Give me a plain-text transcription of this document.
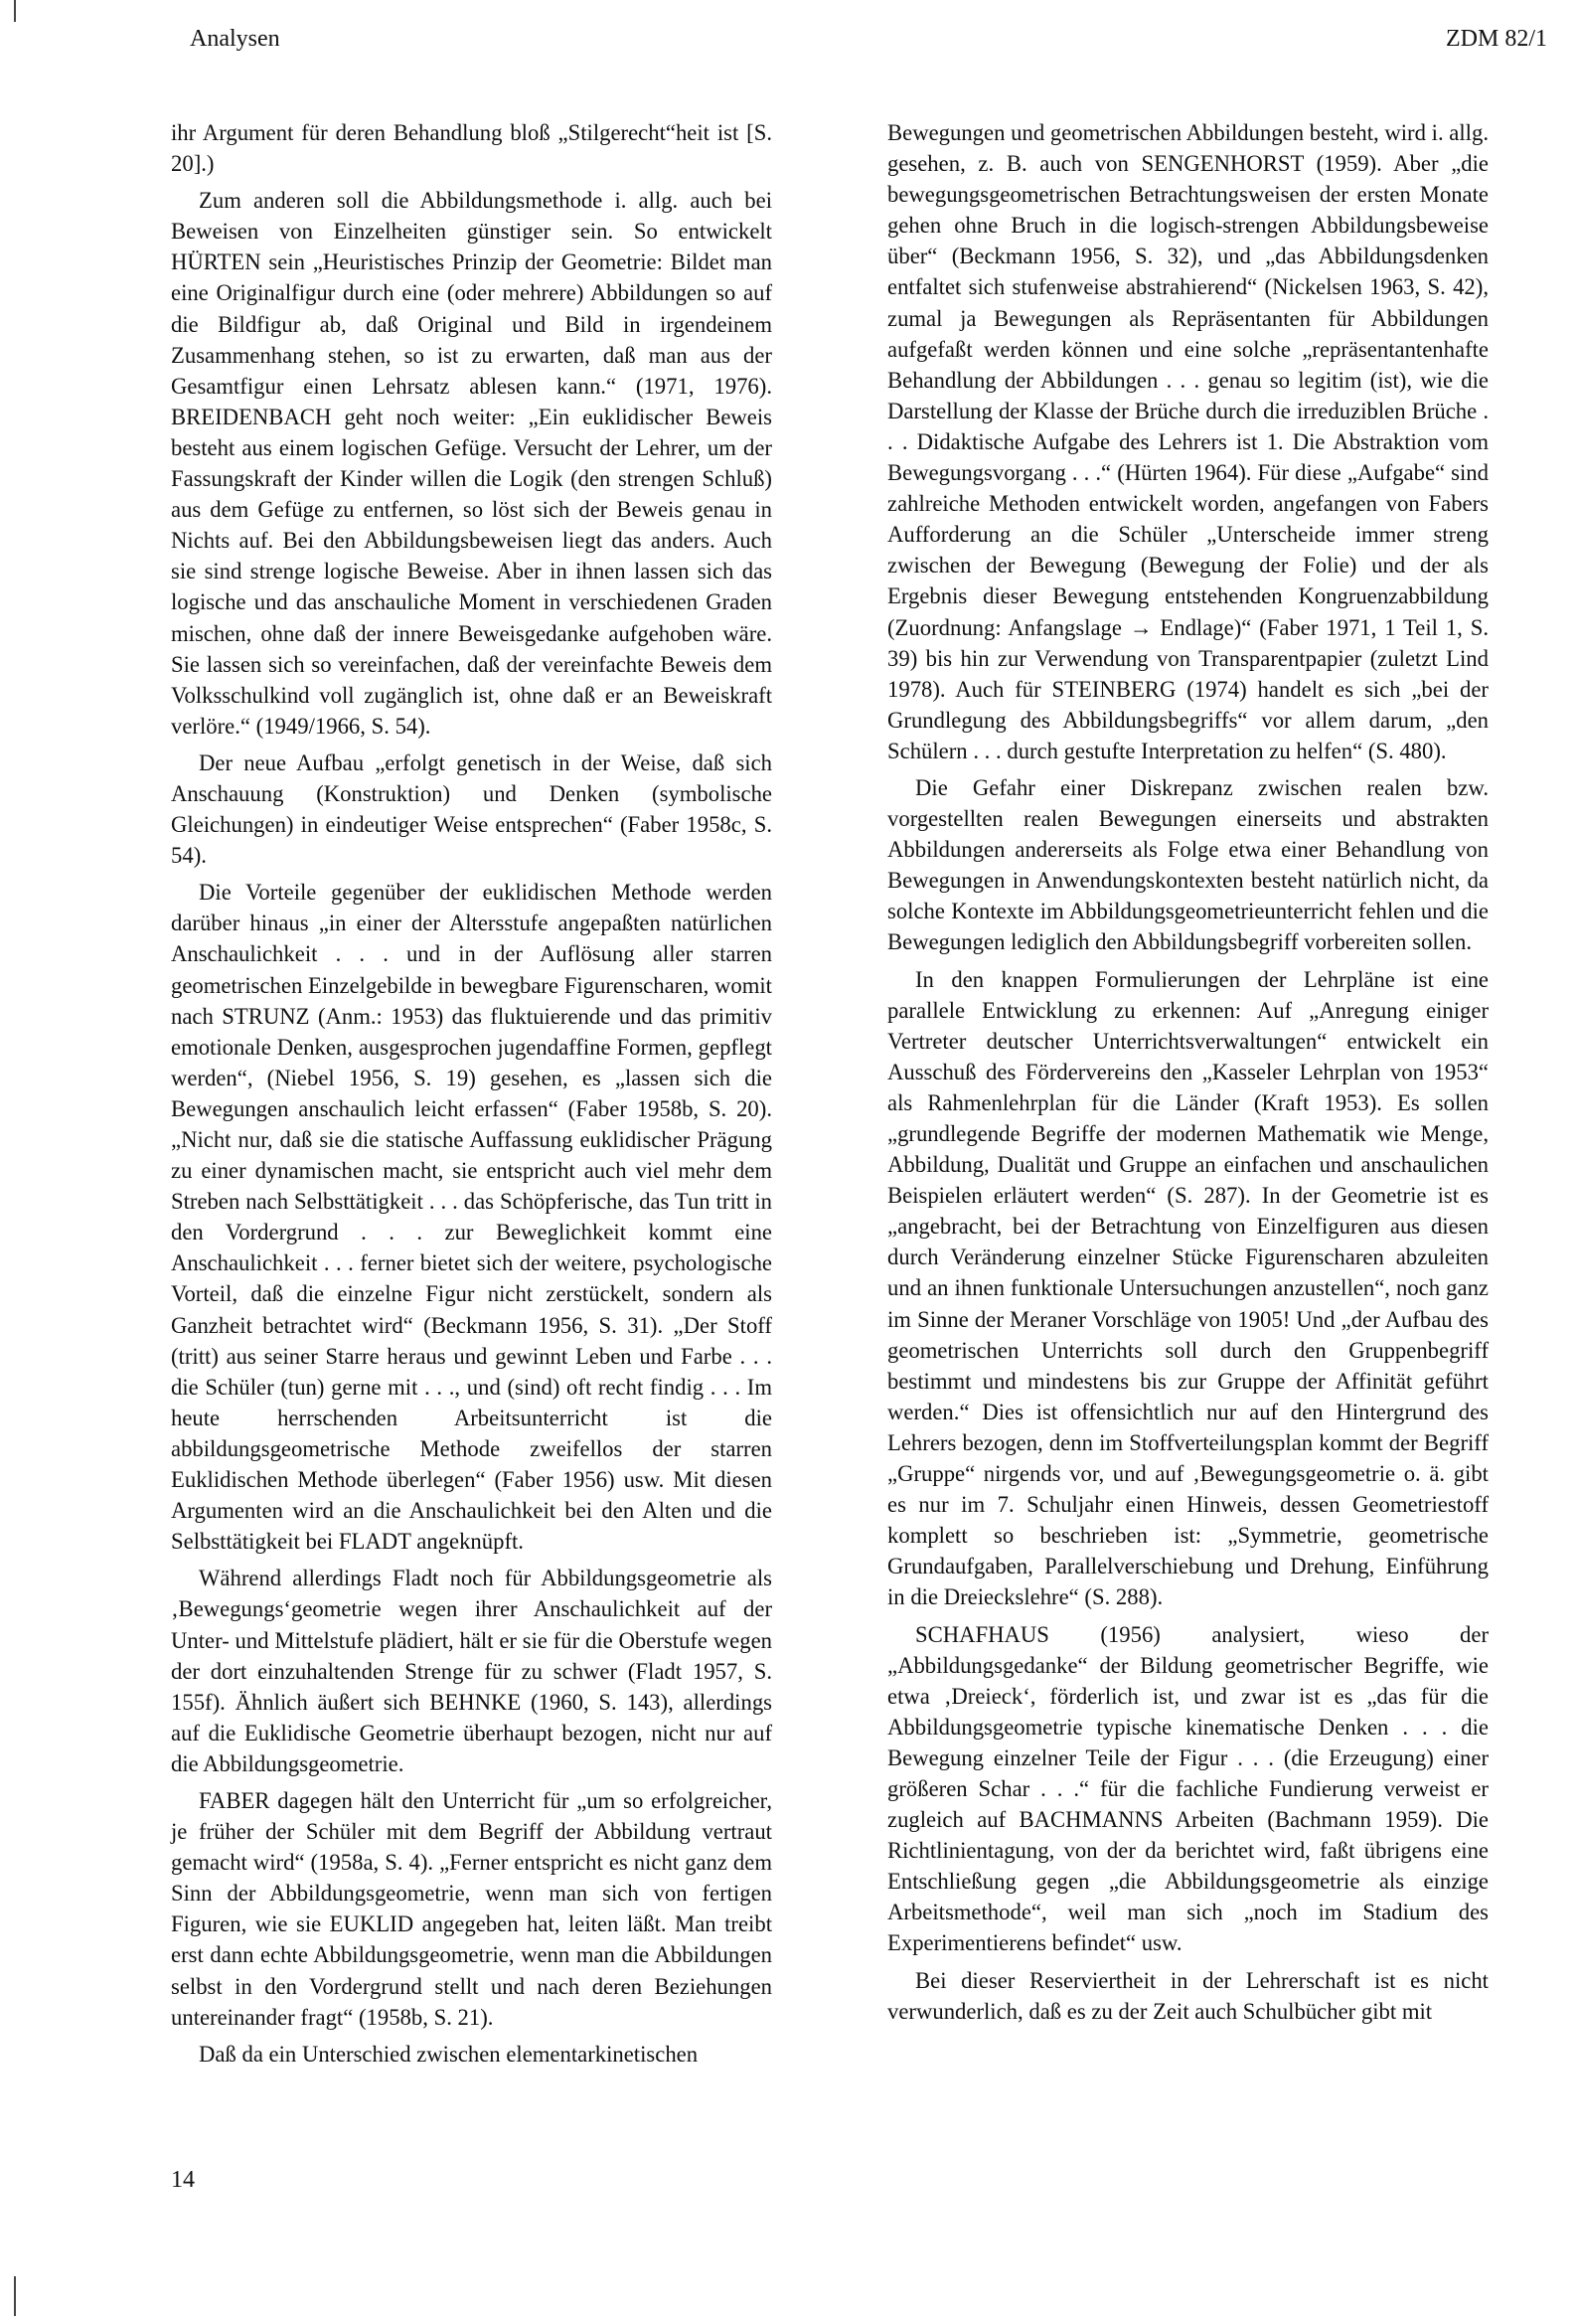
Analysen	ZDM 82/1

ihr Argument für deren Behandlung bloß „Stilgerecht“heit ist [S. 20].)

Zum anderen soll die Abbildungsmethode i. allg. auch bei Beweisen von Einzelheiten günstiger sein. So entwickelt HÜRTEN sein „Heuristisches Prinzip der Geometrie: Bildet man eine Originalfigur durch eine (oder mehrere) Abbildungen so auf die Bildfigur ab, daß Original und Bild in irgendeinem Zusammenhang stehen, so ist zu erwarten, daß man aus der Gesamtfigur einen Lehrsatz ablesen kann.“ (1971, 1976). BREIDENBACH geht noch weiter: „Ein euklidischer Beweis besteht aus einem logischen Gefüge. Versucht der Lehrer, um der Fassungskraft der Kinder willen die Logik (den strengen Schluß) aus dem Gefüge zu entfernen, so löst sich der Beweis genau in Nichts auf. Bei den Abbildungsbeweisen liegt das anders. Auch sie sind strenge logische Beweise. Aber in ihnen lassen sich das logische und das anschauliche Moment in verschiedenen Graden mischen, ohne daß der innere Beweisgedanke aufgehoben wäre. Sie lassen sich so vereinfachen, daß der vereinfachte Beweis dem Volksschulkind voll zugänglich ist, ohne daß er an Beweiskraft verlöre.“ (1949/1966, S. 54).

Der neue Aufbau „erfolgt genetisch in der Weise, daß sich Anschauung (Konstruktion) und Denken (symbolische Gleichungen) in eindeutiger Weise entsprechen“ (Faber 1958c, S. 54).

Die Vorteile gegenüber der euklidischen Methode werden darüber hinaus „in einer der Altersstufe angepaßten natürlichen Anschaulichkeit . . . und in der Auflösung aller starren geometrischen Einzelgebilde in bewegbare Figurenscharen, womit nach STRUNZ (Anm.: 1953) das fluktuierende und das primitiv emotionale Denken, ausgesprochen jugendaffine Formen, gepflegt werden“, (Niebel 1956, S. 19) gesehen, es „lassen sich die Bewegungen anschaulich leicht erfassen“ (Faber 1958b, S. 20). „Nicht nur, daß sie die statische Auffassung euklidischer Prägung zu einer dynamischen macht, sie entspricht auch viel mehr dem Streben nach Selbsttätigkeit . . . das Schöpferische, das Tun tritt in den Vordergrund . . . zur Beweglichkeit kommt eine Anschaulichkeit . . . ferner bietet sich der weitere, psychologische Vorteil, daß die einzelne Figur nicht zerstückelt, sondern als Ganzheit betrachtet wird“ (Beckmann 1956, S. 31). „Der Stoff (tritt) aus seiner Starre heraus und gewinnt Leben und Farbe . . . die Schüler (tun) gerne mit . . ., und (sind) oft recht findig . . . Im heute herrschenden Arbeitsunterricht ist die abbildungsgeometrische Methode zweifellos der starren Euklidischen Methode überlegen“ (Faber 1956) usw. Mit diesen Argumenten wird an die Anschaulichkeit bei den Alten und die Selbsttätigkeit bei FLADT angeknüpft.

Während allerdings Fladt noch für Abbildungsgeometrie als ‚Bewegungs‘geometrie wegen ihrer Anschaulichkeit auf der Unter- und Mittelstufe plädiert, hält er sie für die Oberstufe wegen der dort einzuhaltenden Strenge für zu schwer (Fladt 1957, S. 155f). Ähnlich äußert sich BEHNKE (1960, S. 143), allerdings auf die Euklidische Geometrie überhaupt bezogen, nicht nur auf die Abbildungsgeometrie.

FABER dagegen hält den Unterricht für „um so erfolgreicher, je früher der Schüler mit dem Begriff der Abbildung vertraut gemacht wird“ (1958a, S. 4). „Ferner entspricht es nicht ganz dem Sinn der Abbildungsgeometrie, wenn man sich von fertigen Figuren, wie sie EUKLID angegeben hat, leiten läßt. Man treibt erst dann echte Abbildungsgeometrie, wenn man die Abbildungen selbst in den Vordergrund stellt und nach deren Beziehungen untereinander fragt“ (1958b, S. 21).

Daß da ein Unterschied zwischen elementarkinetischen

Bewegungen und geometrischen Abbildungen besteht, wird i. allg. gesehen, z. B. auch von SENGENHORST (1959). Aber „die bewegungsgeometrischen Betrachtungsweisen der ersten Monate gehen ohne Bruch in die logisch-strengen Abbildungsbeweise über“ (Beckmann 1956, S. 32), und „das Abbildungsdenken entfaltet sich stufenweise abstrahierend“ (Nickelsen 1963, S. 42), zumal ja Bewegungen als Repräsentanten für Abbildungen aufgefaßt werden können und eine solche „repräsentantenhafte Behandlung der Abbildungen . . . genau so legitim (ist), wie die Darstellung der Klasse der Brüche durch die irreduziblen Brüche . . . Didaktische Aufgabe des Lehrers ist 1. Die Abstraktion vom Bewegungsvorgang . . .“ (Hürten 1964). Für diese „Aufgabe“ sind zahlreiche Methoden entwickelt worden, angefangen von Fabers Aufforderung an die Schüler „Unterscheide immer streng zwischen der Bewegung (Bewegung der Folie) und der als Ergebnis dieser Bewegung entstehenden Kongruenzabbildung (Zuordnung: Anfangslage → Endlage)“ (Faber 1971, 1 Teil 1, S. 39) bis hin zur Verwendung von Transparentpapier (zuletzt Lind 1978). Auch für STEINBERG (1974) handelt es sich „bei der Grundlegung des Abbildungsbegriffs“ vor allem darum, „den Schülern . . . durch gestufte Interpretation zu helfen“ (S. 480).

Die Gefahr einer Diskrepanz zwischen realen bzw. vorgestellten realen Bewegungen einerseits und abstrakten Abbildungen andererseits als Folge etwa einer Behandlung von Bewegungen in Anwendungskontexten besteht natürlich nicht, da solche Kontexte im Abbildungsgeometrieunterricht fehlen und die Bewegungen lediglich den Abbildungsbegriff vorbereiten sollen.

In den knappen Formulierungen der Lehrpläne ist eine parallele Entwicklung zu erkennen: Auf „Anregung einiger Vertreter deutscher Unterrichtsverwaltungen“ entwickelt ein Ausschuß des Fördervereins den „Kasseler Lehrplan von 1953“ als Rahmenlehrplan für die Länder (Kraft 1953). Es sollen „grundlegende Begriffe der modernen Mathematik wie Menge, Abbildung, Dualität und Gruppe an einfachen und anschaulichen Beispielen erläutert werden“ (S. 287). In der Geometrie ist es „angebracht, bei der Betrachtung von Einzelfiguren aus diesen durch Veränderung einzelner Stücke Figurenscharen abzuleiten und an ihnen funktionale Untersuchungen anzustellen“, noch ganz im Sinne der Meraner Vorschläge von 1905! Und „der Aufbau des geometrischen Unterrichts soll durch den Gruppenbegriff bestimmt und mindestens bis zur Gruppe der Affinität geführt werden.“ Dies ist offensichtlich nur auf den Hintergrund des Lehrers bezogen, denn im Stoffverteilungsplan kommt der Begriff „Gruppe“ nirgends vor, und auf ‚Bewegungsgeometrie o. ä. gibt es nur im 7. Schuljahr einen Hinweis, dessen Geometriestoff komplett so beschrieben ist: „Symmetrie, geometrische Grundaufgaben, Parallelverschiebung und Drehung, Einführung in die Dreieckslehre“ (S. 288).

SCHAFHAUS (1956) analysiert, wieso der „Abbildungsgedanke“ der Bildung geometrischer Begriffe, wie etwa ‚Dreieck‘, förderlich ist, und zwar ist es „das für die Abbildungsgeometrie typische kinematische Denken . . . die Bewegung einzelner Teile der Figur . . . (die Erzeugung) einer größeren Schar . . .“ für die fachliche Fundierung verweist er zugleich auf BACHMANNS Arbeiten (Bachmann 1959). Die Richtlinientagung, von der da berichtet wird, faßt übrigens eine Entschließung gegen „die Abbildungsgeometrie als einzige Arbeitsmethode“, weil man sich „noch im Stadium des Experimentierens befindet“ usw.

Bei dieser Reserviertheit in der Lehrerschaft ist es nicht verwunderlich, daß es zu der Zeit auch Schulbücher gibt mit

14
